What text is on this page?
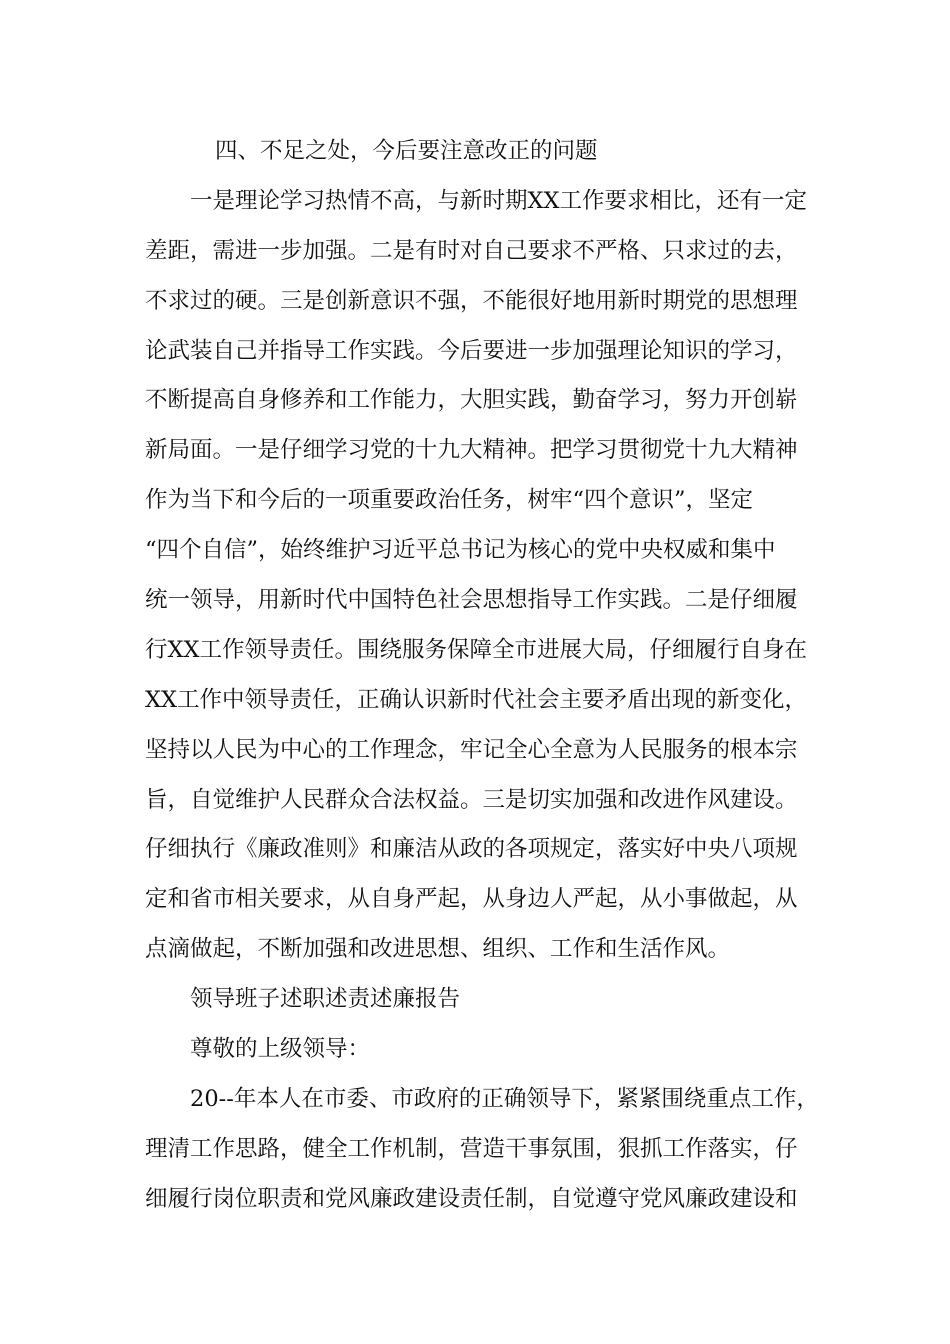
四、不足之处，今后要注意改正的问题
一是理论学习热情不高，与新时期XX工作要求相比，还有一定
差距，需进一步加强。二是有时对自己要求不严格、只求过的去，
不求过的硬。三是创新意识不强，不能很好地用新时期党的思想理
论武装自己并指导工作实践。今后要进一步加强理论知识的学习，
不断提高自身修养和工作能力，大胆实践，勤奋学习，努力开创崭
新局面。一是仔细学习党的十九大精神。把学习贯彻党十九大精神
作为当下和今后的一项重要政治任务，树牢“四个意识”，坚定
“四个自信”，始终维护习近平总书记为核心的党中央权威和集中
统一领导，用新时代中国特色社会思想指导工作实践。二是仔细履
行XX工作领导责任。围绕服务保障全市进展大局，仔细履行自身在
XX工作中领导责任，正确认识新时代社会主要矛盾出现的新变化，
坚持以人民为中心的工作理念，牢记全心全意为人民服务的根本宗
旨，自觉维护人民群众合法权益。三是切实加强和改进作风建设。
仔细执行《廉政准则》和廉洁从政的各项规定，落实好中央八项规
定和省市相关要求，从自身严起，从身边人严起，从小事做起，从
点滴做起，不断加强和改进思想、组织、工作和生活作风。
领导班子述职述责述廉报告
尊敬的上级领导：
20--年本人在市委、市政府的正确领导下，紧紧围绕重点工作，
理清工作思路，健全工作机制，营造干事氛围，狠抓工作落实，仔
细履行岗位职责和党风廉政建设责任制，自觉遵守党风廉政建设和
